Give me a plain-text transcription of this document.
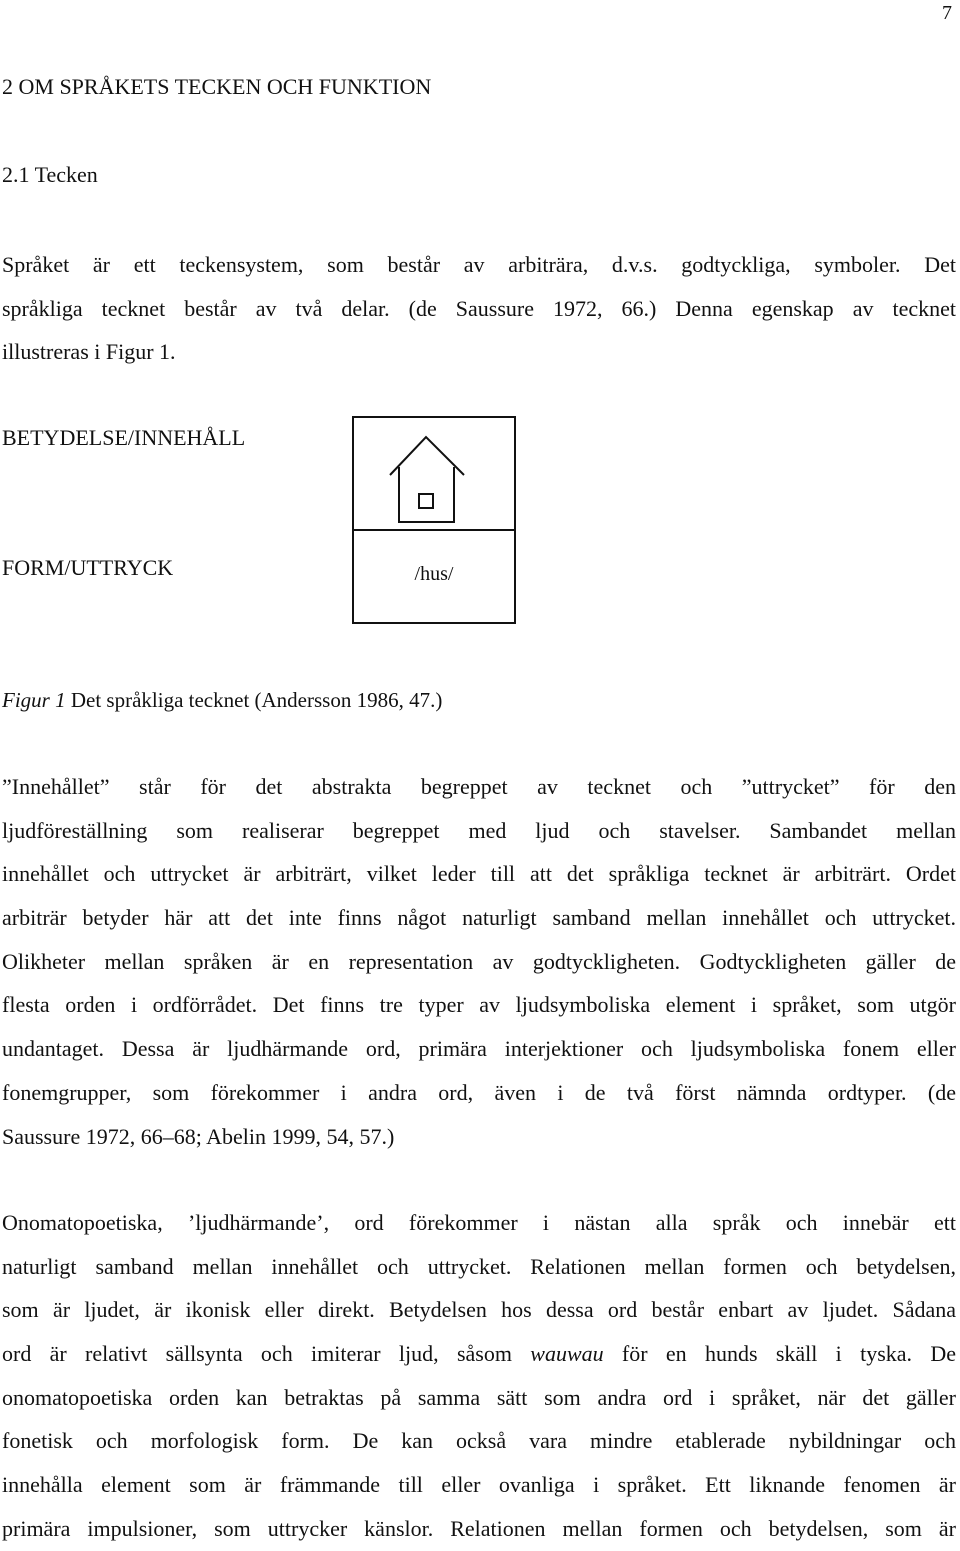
7
2 OM SPRÅKETS TECKEN OCH FUNKTION
2.1 Tecken
Språket är ett teckensystem, som består av arbiträra, d.v.s. godtyckliga, symboler. Det
språkliga tecknet består av två delar. (de Saussure 1972, 66.) Denna egenskap av tecknet
illustreras i Figur 1.
BETYDELSE/INNEHÅLL
FORM/UTTRYCK	/hus/
Figur 1 Det språkliga tecknet (Andersson 1986, 47.)
”Innehållet” står för det abstrakta begreppet av tecknet och ”uttrycket” för den
ljudföreställning som realiserar begreppet med ljud och stavelser. Sambandet mellan
innehållet och uttrycket är arbiträrt, vilket leder till att det språkliga tecknet är arbiträrt. Ordet
arbiträr betyder här att det inte finns något naturligt samband mellan innehållet och uttrycket.
Olikheter mellan språken är en representation av godtyckligheten. Godtyckligheten gäller de
flesta orden i ordförrådet. Det finns tre typer av ljudsymboliska element i språket, som utgör
undantaget. Dessa är ljudhärmande ord, primära interjektioner och ljudsymboliska fonem eller
fonemgrupper, som förekommer i andra ord, även i de två först nämnda ordtyper. (de
Saussure 1972, 66–68; Abelin 1999, 54, 57.)
Onomatopoetiska, ’ljudhärmande’, ord förekommer i nästan alla språk och innebär ett
naturligt samband mellan innehållet och uttrycket. Relationen mellan formen och betydelsen,
som är ljudet, är ikonisk eller direkt. Betydelsen hos dessa ord består enbart av ljudet. Sådana
ord är relativt sällsynta och imiterar ljud, såsom wauwau för en hunds skäll i tyska. De
onomatopoetiska orden kan betraktas på samma sätt som andra ord i språket, när det gäller
fonetisk och morfologisk form. De kan också vara mindre etablerade nybildningar och
innehålla element som är främmande till eller ovanliga i språket. Ett liknande fenomen är
primära impulsioner, som uttrycker känslor. Relationen mellan formen och betydelsen, som är
